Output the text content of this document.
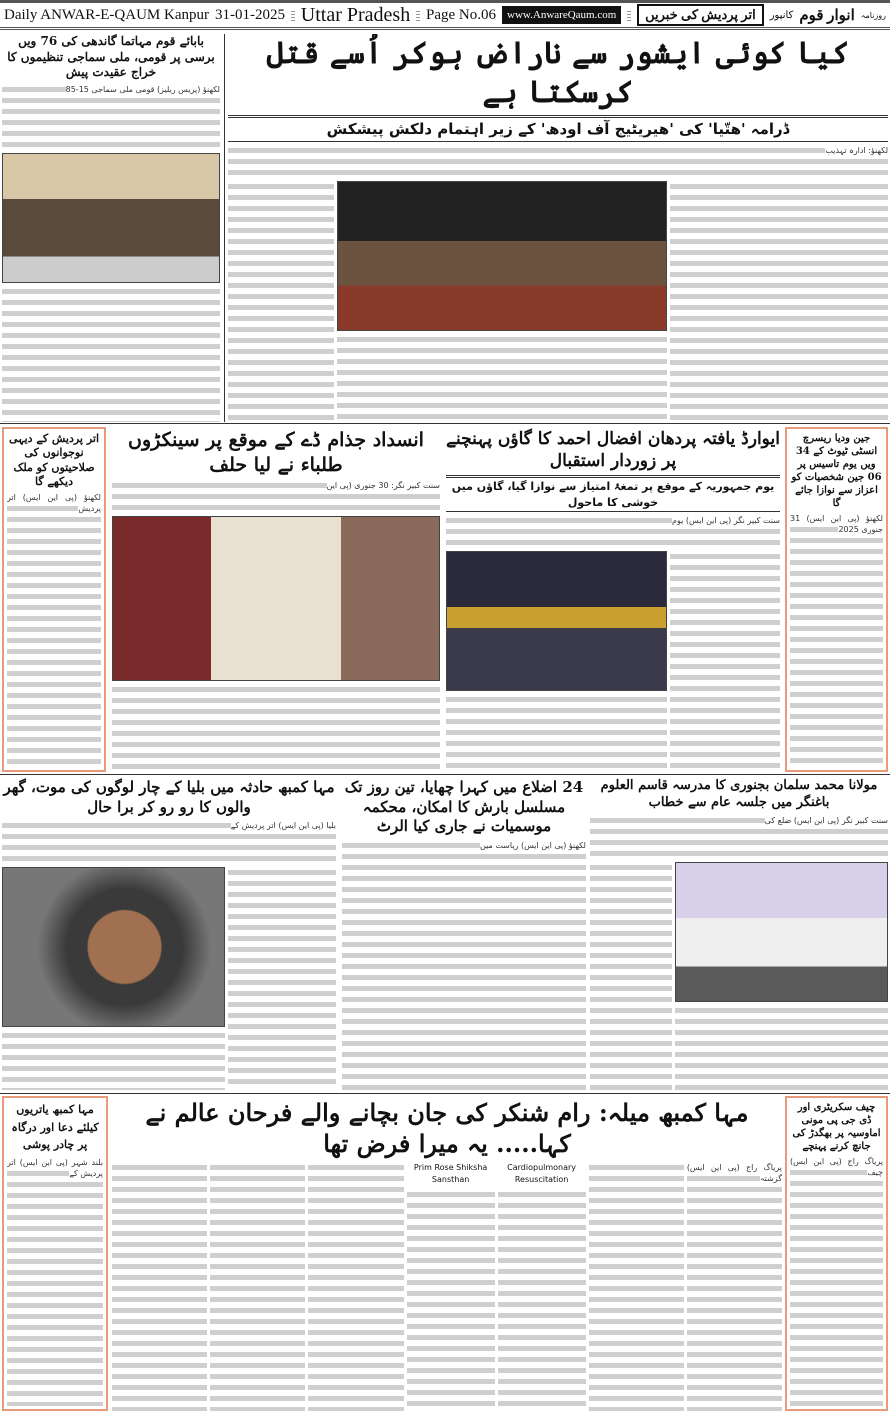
Daily ANWAR-E-QAUM Kanpur 31-01-2025 Uttar Pradesh Page No.06	www.AnwareQaum.com	اتر پردیش کی خبریں	کانپور انوار قوم روزنامہ
کیا کوئی ایشور سے ناراض ہوکر اُسے قتل کرسکتا ہے
ڈرامہ 'ھتّیا' کی 'ھیریٹیج آف اودھ' کے زیر اہتمام دلکش پیشکش
لکھنؤ: ادارہ تہذیب
بابائے قوم مہاتما گاندھی کی 76 ویں برسی پر قومی، ملی سماجی تنظیموں کا خراج عقیدت پیش
لکھنؤ (پریس ریلیز) قومی ملی سماجی 15-85
اتر پردیش کے دیہی نوجوانوں کی صلاحیتوں کو ملک دیکھے گا
لکھنؤ (پی این ایس) اتر پردیش
انسداد جذام ڈے کے موقع پر سینکڑوں طلباء نے لیا حلف
سنت کبیر نگر: 30 جنوری (پی این
ایوارڈ یافتہ پردھان افضال احمد کا گاؤں پہنچنے پر زوردار استقبال
یوم جمہوریہ کے موقع پر تمغۂ امتیاز سے نوازا گیا، گاؤں میں خوشی کا ماحول
سنت کبیر نگر (پی این ایس) یوم
جین ودیا ریسرچ انسٹی ٹیوٹ کے 34 ویں یوم تاسیس پر 06 جین شخصیات کو اعزاز سے نوازا جائے گا
لکھنؤ (پی این ایس) 31 جنوری 2025
مہا کمبھ حادثہ میں بلیا کے چار لوگوں کی موت، گھر والوں کا رو رو کر برا حال
بلیا (پی این ایس) اتر پردیش کے
24 اضلاع میں کہرا چھایا، تین روز تک مسلسل بارش کا امکان، محکمہ موسمیات نے جاری کیا الرٹ
لکھنؤ (پی این ایس) ریاست میں
مولانا محمد سلمان بجنوری کا مدرسہ قاسم العلوم باغنگر میں جلسہ عام سے خطاب
سنت کبیر نگر (پی این ایس) ضلع کی
مہا کمبھ یاتریوں کیلئے دعا اور درگاہ پر چادر پوشی
بلند شہر (پی این ایس) اتر پردیش کے
مہا کمبھ میلہ: رام شنکر کی جان بچانے والے فرحان عالم نے کہا..... یہ میرا فرض تھا
Prim Rose Shiksha
Sansthan
Cardiopulmonary
Resuscitation
پریاگ راج (پی این ایس) گزشتہ
چیف سکریٹری اور ڈی جی پی مونی اماوسیہ پر بھگدڑ کی جانچ کرنے پہنچے
پریاگ راج (پی این ایس) چیف
